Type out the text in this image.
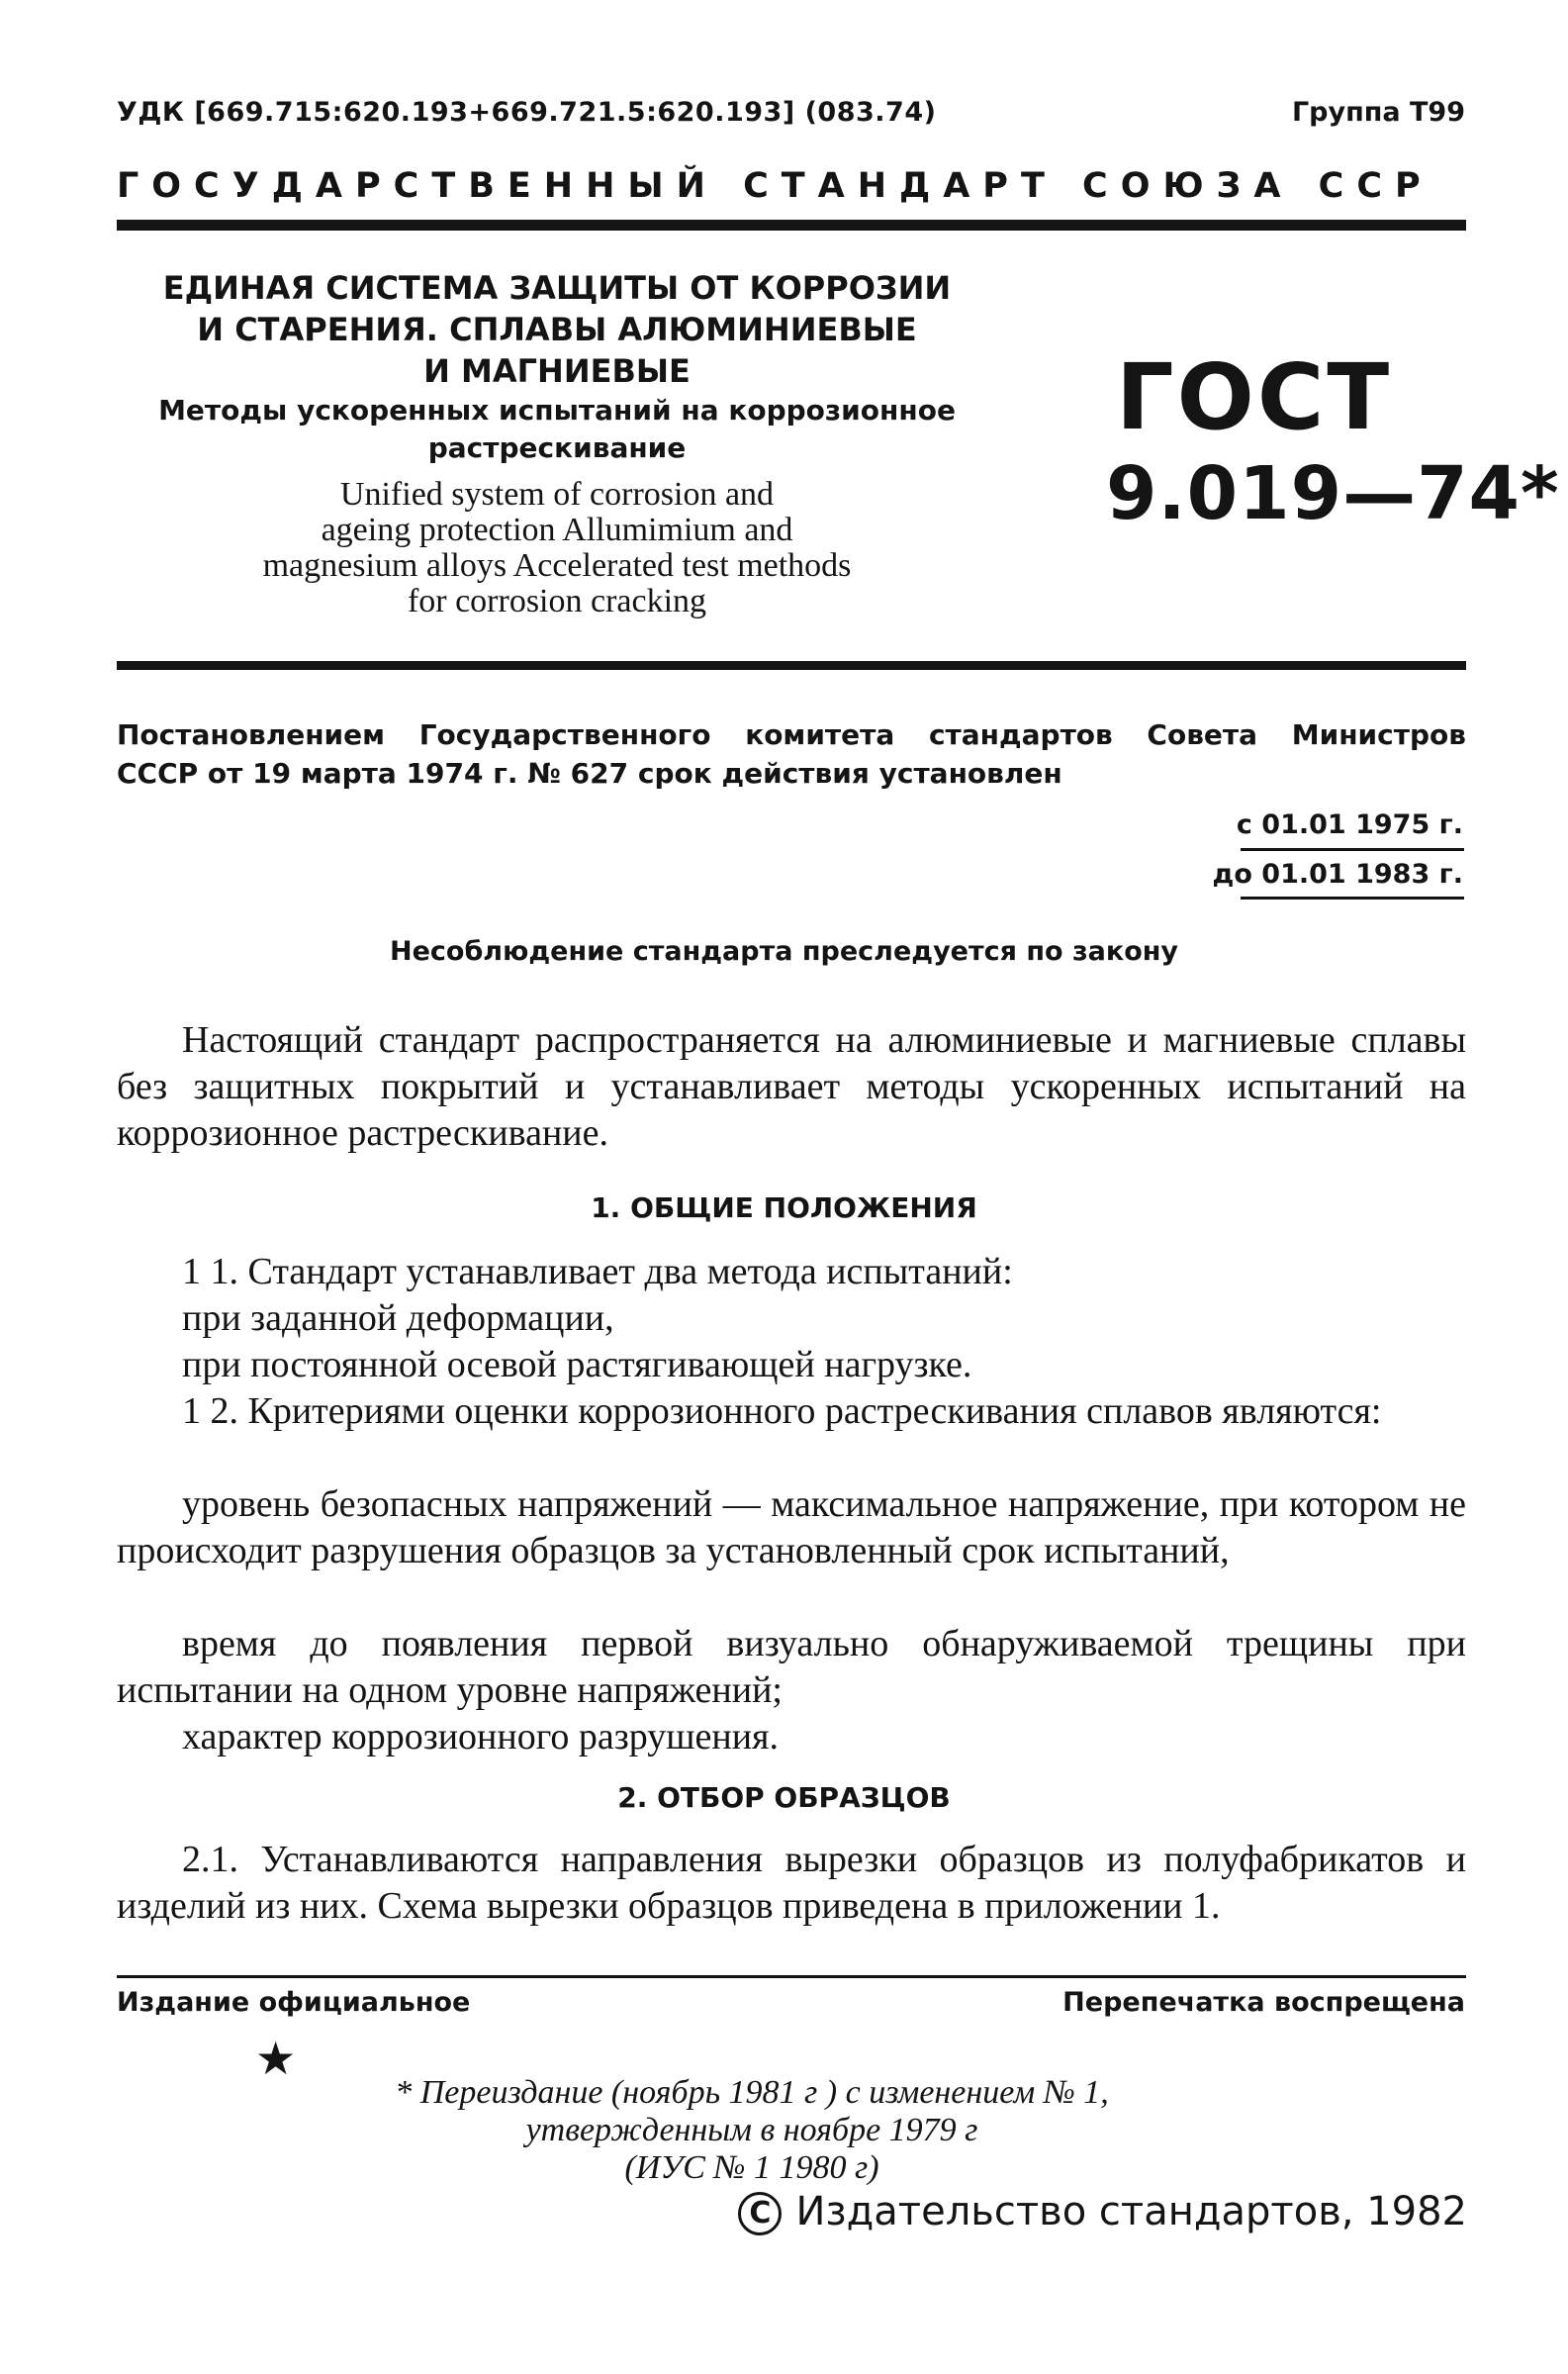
УДК [669.715:620.193+669.721.5:620.193] (083.74)	Группа Т99
ГОСУДАРСТВЕННЫЙ СТАНДАРТ СОЮЗА ССР
ЕДИНАЯ СИСТЕМА ЗАЩИТЫ ОТ КОРРОЗИИ
И СТАРЕНИЯ. СПЛАВЫ АЛЮМИНИЕВЫЕ
И МАГНИЕВЫЕ
Методы ускоренных испытаний на коррозионное
растрескивание
Unified system of corrosion and
ageing protection Allumimium and
magnesium alloys Accelerated test methods
for corrosion cracking
ГОСТ
9.019—74*
Постановлением Государственного комитета стандартов Совета Министров
СССР от 19 марта 1974 г. № 627 срок действия установлен
с 01.01 1975 г.
до 01.01 1983 г.
Несоблюдение стандарта преследуется по закону
Настоящий стандарт распространяется на алюминиевые и магниевые сплавы без защитных покрытий и устанавливает методы ускоренных испытаний на коррозионное растрескивание.
1. ОБЩИЕ ПОЛОЖЕНИЯ
1 1. Стандарт устанавливает два метода испытаний:
при заданной деформации,
при постоянной осевой растягивающей нагрузке.
1 2. Критериями оценки коррозионного растрескивания сплавов являются:
уровень безопасных напряжений — максимальное напряжение, при котором не происходит разрушения образцов за установленный срок испытаний,
время до появления первой визуально обнаруживаемой трещины при испытании на одном уровне напряжений;
характер коррозионного разрушения.
2. ОТБОР ОБРАЗЦОВ
2.1. Устанавливаются направления вырезки образцов из полуфабрикатов и изделий из них. Схема вырезки образцов приведена в приложении 1.
Издание официальное	Перепечатка воспрещена
★
* Переиздание (ноябрь 1981 г ) с изменением № 1,
утвержденным в ноябре 1979 г
(ИУС № 1 1980 г)
C Издательство стандартов, 1982
